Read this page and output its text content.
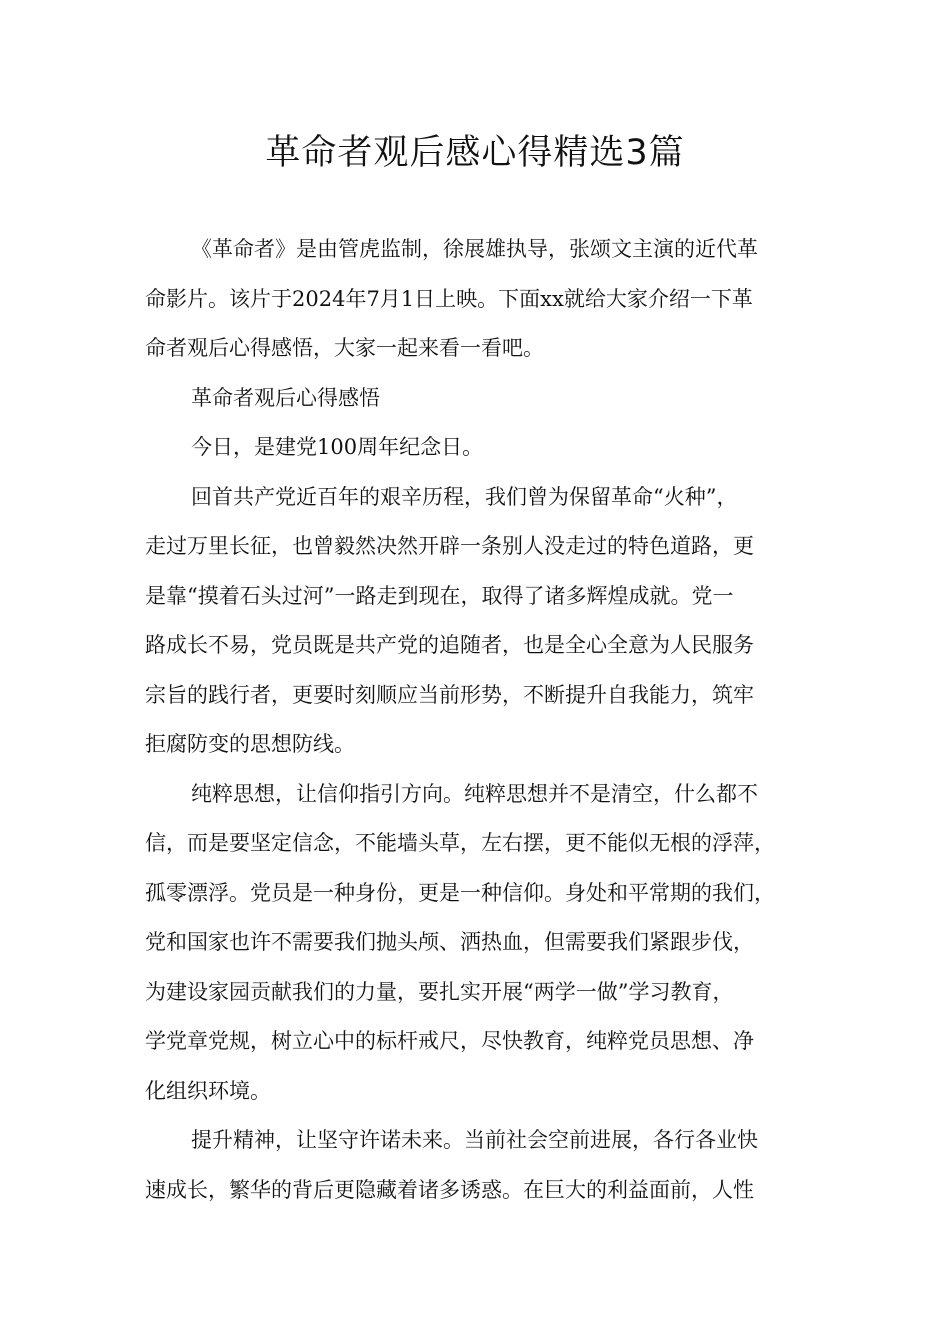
革命者观后感心得精选3篇
《革命者》是由管虎监制，徐展雄执导，张颂文主演的近代革
命影片。该片于2024年7月1日上映。下面xx就给大家介绍一下革
命者观后心得感悟，大家一起来看一看吧。
革命者观后心得感悟
今日，是建党100周年纪念日。
回首共产党近百年的艰辛历程，我们曾为保留革命“火种”，
走过万里长征，也曾毅然决然开辟一条别人没走过的特色道路，更
是靠“摸着石头过河”一路走到现在，取得了诸多辉煌成就。党一
路成长不易，党员既是共产党的追随者，也是全心全意为人民服务
宗旨的践行者，更要时刻顺应当前形势，不断提升自我能力，筑牢
拒腐防变的思想防线。
纯粹思想，让信仰指引方向。纯粹思想并不是清空，什么都不
信，而是要坚定信念，不能墙头草，左右摆，更不能似无根的浮萍，
孤零漂浮。党员是一种身份，更是一种信仰。身处和平常期的我们，
党和国家也许不需要我们抛头颅、洒热血，但需要我们紧跟步伐，
为建设家园贡献我们的力量，要扎实开展“两学一做”学习教育，
学党章党规，树立心中的标杆戒尺，尽快教育，纯粹党员思想、净
化组织环境。
提升精神，让坚守许诺未来。当前社会空前进展，各行各业快
速成长，繁华的背后更隐藏着诸多诱惑。在巨大的利益面前，人性
